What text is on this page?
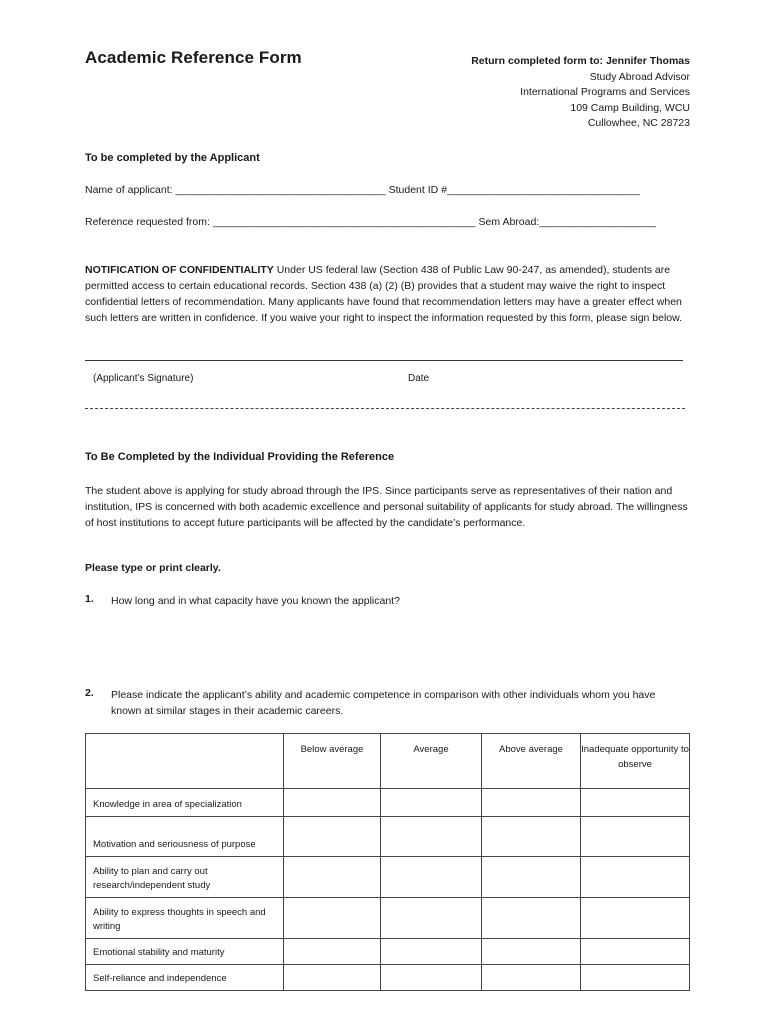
Academic Reference Form	Return completed form to: Jennifer Thomas
Study Abroad Advisor
International Programs and Services
109 Camp Building, WCU
Cullowhee, NC 28723
To be completed by the Applicant
Name of applicant: ____________________________________ Student ID #_________________________________
Reference requested from: _____________________________________________ Sem Abroad:____________________
NOTIFICATION OF CONFIDENTIALITY Under US federal law (Section 438 of Public Law 90-247, as amended), students are permitted access to certain educational records. Section 438 (a) (2) (B) provides that a student may waive the right to inspect confidential letters of recommendation. Many applicants have found that recommendation letters may have a greater effect when such letters are written in confidence. If you waive your right to inspect the information requested by this form, please sign below.
(Applicant’s Signature)	Date
To Be Completed by the Individual Providing the Reference
The student above is applying for study abroad through the IPS. Since participants serve as representatives of their nation and institution, IPS is concerned with both academic excellence and personal suitability of applicants for study abroad. The willingness of host institutions to accept future participants will be affected by the candidate’s performance.
Please type or print clearly.
1. How long and in what capacity have you known the applicant?
2. Please indicate the applicant’s ability and academic competence in comparison with other individuals whom you have known at similar stages in their academic careers.
	Below average	Average	Above average	Inadequate opportunity to observe
Knowledge in area of specialization				
Motivation and seriousness of purpose				
Ability to plan and carry out research/independent study				
Ability to express thoughts in speech and writing				
Emotional stability and maturity				
Self-reliance and independence				
